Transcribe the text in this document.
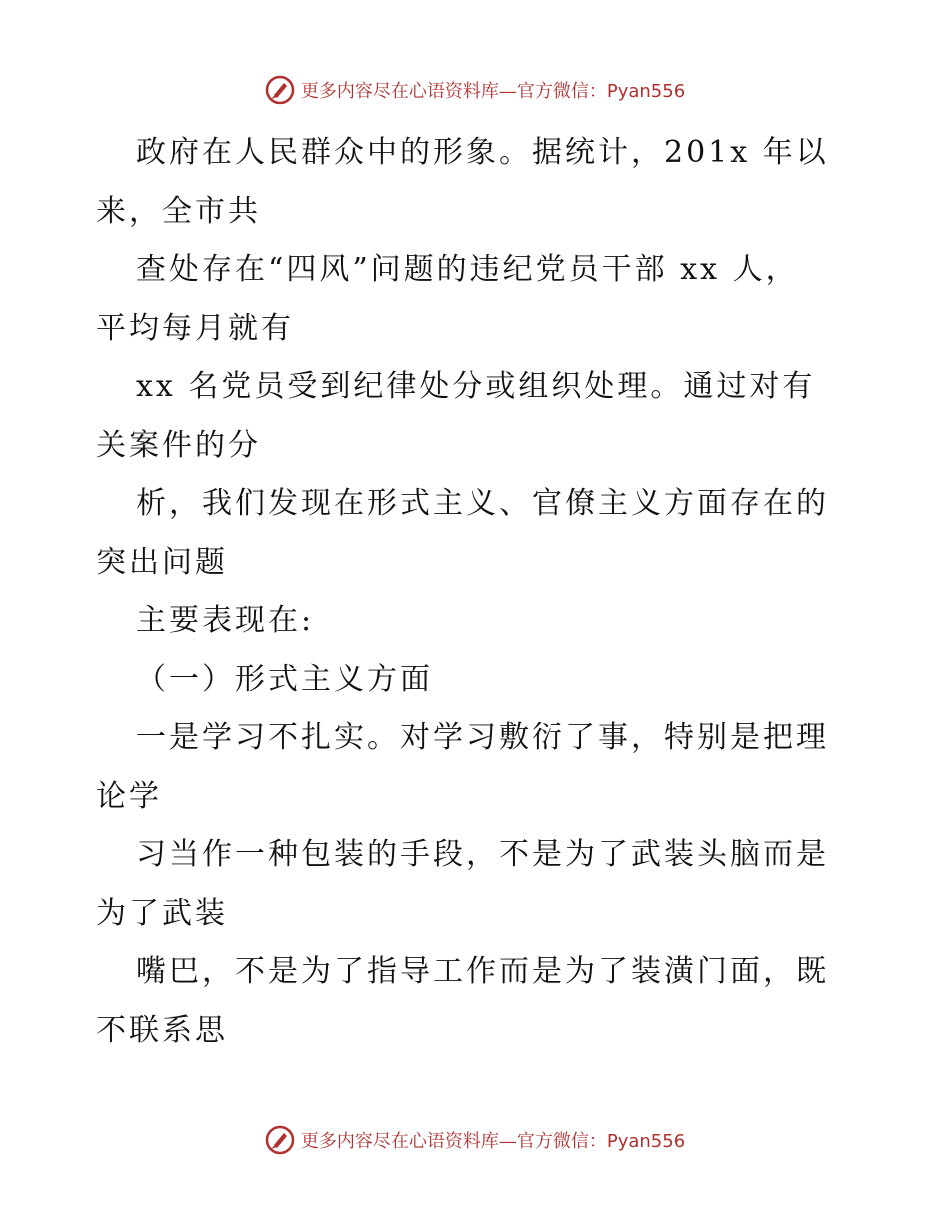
更多内容尽在心语资料库—官方微信：Pyan556
政府在人民群众中的形象。据统计，201x 年以
来，全市共
查处存在“四风”问题的违纪党员干部 xx 人，
平均每月就有
xx 名党员受到纪律处分或组织处理。通过对有
关案件的分
析，我们发现在形式主义、官僚主义方面存在的
突出问题
主要表现在:
（一）形式主义方面
一是学习不扎实。对学习敷衍了事，特别是把理
论学
习当作一种包装的手段，不是为了武装头脑而是
为了武装
嘴巴，不是为了指导工作而是为了装潢门面，既
不联系思
更多内容尽在心语资料库—官方微信：Pyan556
